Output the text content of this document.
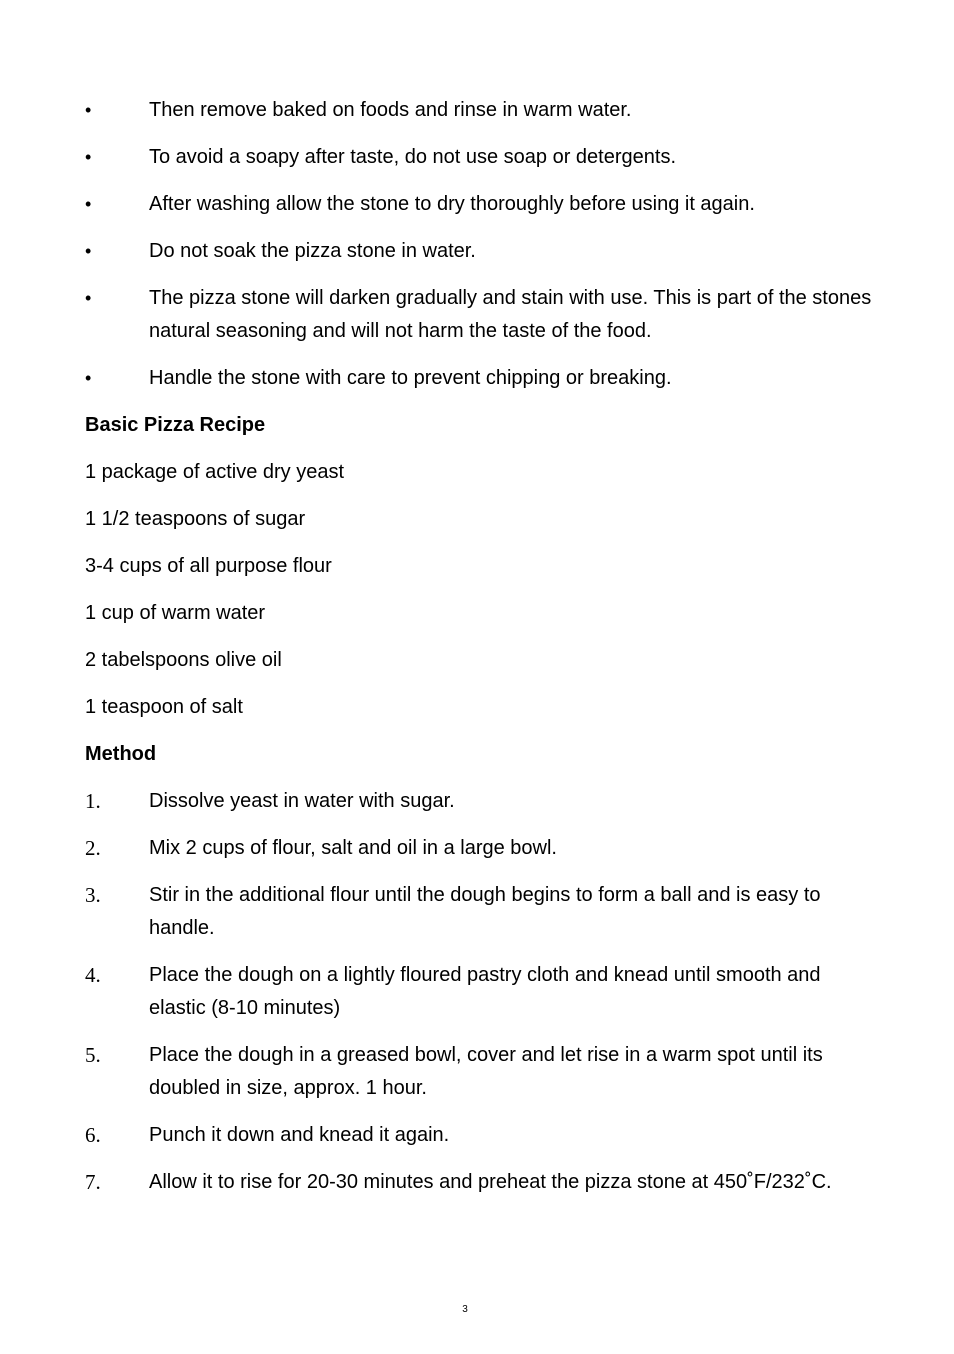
•	Then remove baked on foods and rinse in warm water.
•	To avoid a soapy after taste, do not use soap or detergents.
•	After washing allow the stone to dry thoroughly before using it again.
•	Do not soak the pizza stone in water.
•	The pizza stone will darken gradually and stain with use. This is part of the stones natural seasoning and will not harm the taste of the food.
•	Handle the stone with care to prevent chipping or breaking.
Basic Pizza Recipe
1 package of active dry yeast
1 1/2 teaspoons of sugar
3-4 cups of all purpose flour
1 cup of warm water
2 tabelspoons olive oil
1 teaspoon of salt
Method
1.	Dissolve yeast in water with sugar.
2.	Mix 2 cups of flour, salt and oil in a large bowl.
3.	Stir in the additional flour until the dough begins to form a ball and is easy to handle.
4.	Place the dough on a lightly floured pastry cloth and knead until smooth and elastic (8-10 minutes)
5.	Place the dough in a greased bowl, cover and let rise in a warm spot until its doubled in size, approx. 1 hour.
6.	Punch it down and knead it again.
7.	Allow it to rise for 20-30 minutes and preheat the pizza stone at 450˚F/232˚C.
3
